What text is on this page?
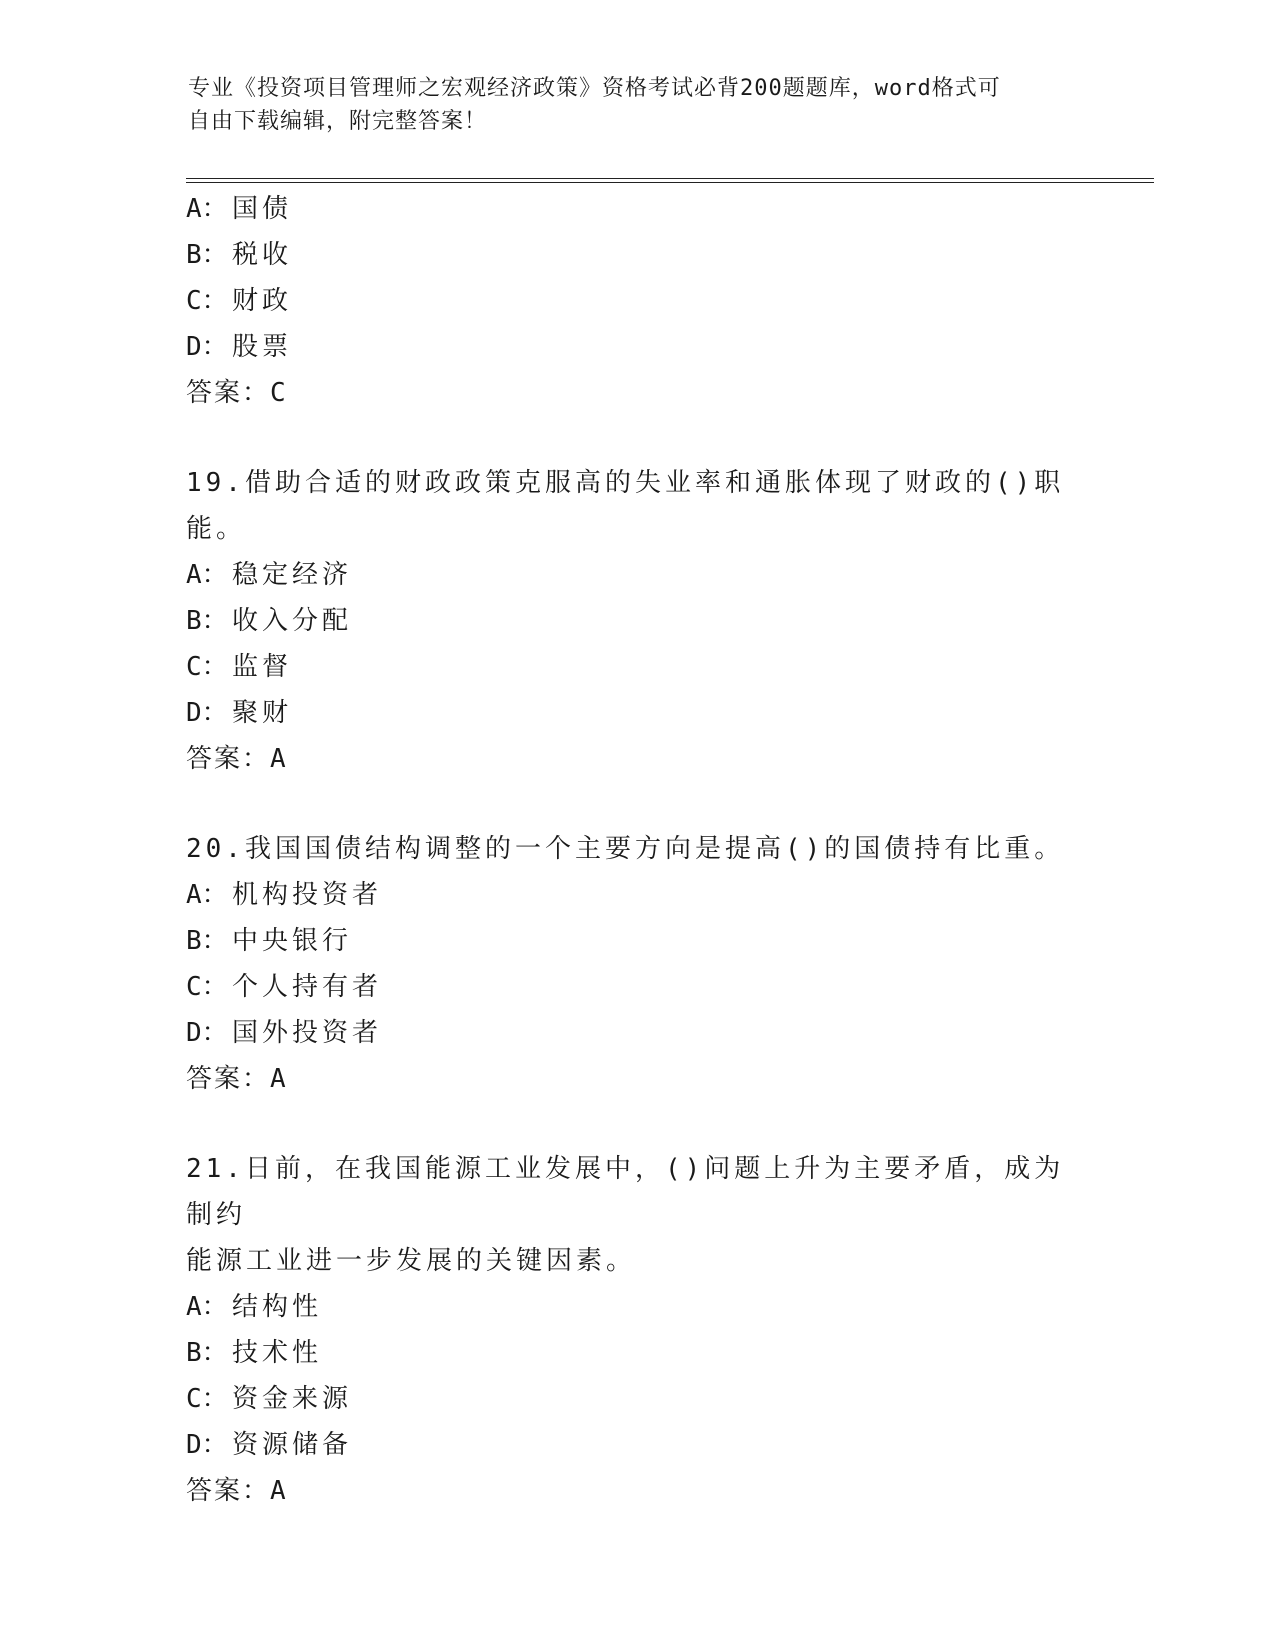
专业《投资项目管理师之宏观经济政策》资格考试必背200题题库，word格式可
自由下载编辑，附完整答案！
A： 国债
B： 税收
C： 财政
D： 股票
答案：C
19.借助合适的财政政策克服高的失业率和通胀体现了财政的()职能。
A： 稳定经济
B： 收入分配
C： 监督
D： 聚财
答案：A
20.我国国债结构调整的一个主要方向是提高()的国债持有比重。
A： 机构投资者
B： 中央银行
C： 个人持有者
D： 国外投资者
答案：A
21.日前，在我国能源工业发展中，()问题上升为主要矛盾，成为制约
能源工业进一步发展的关键因素。
A： 结构性
B： 技术性
C： 资金来源
D： 资源储备
答案：A
